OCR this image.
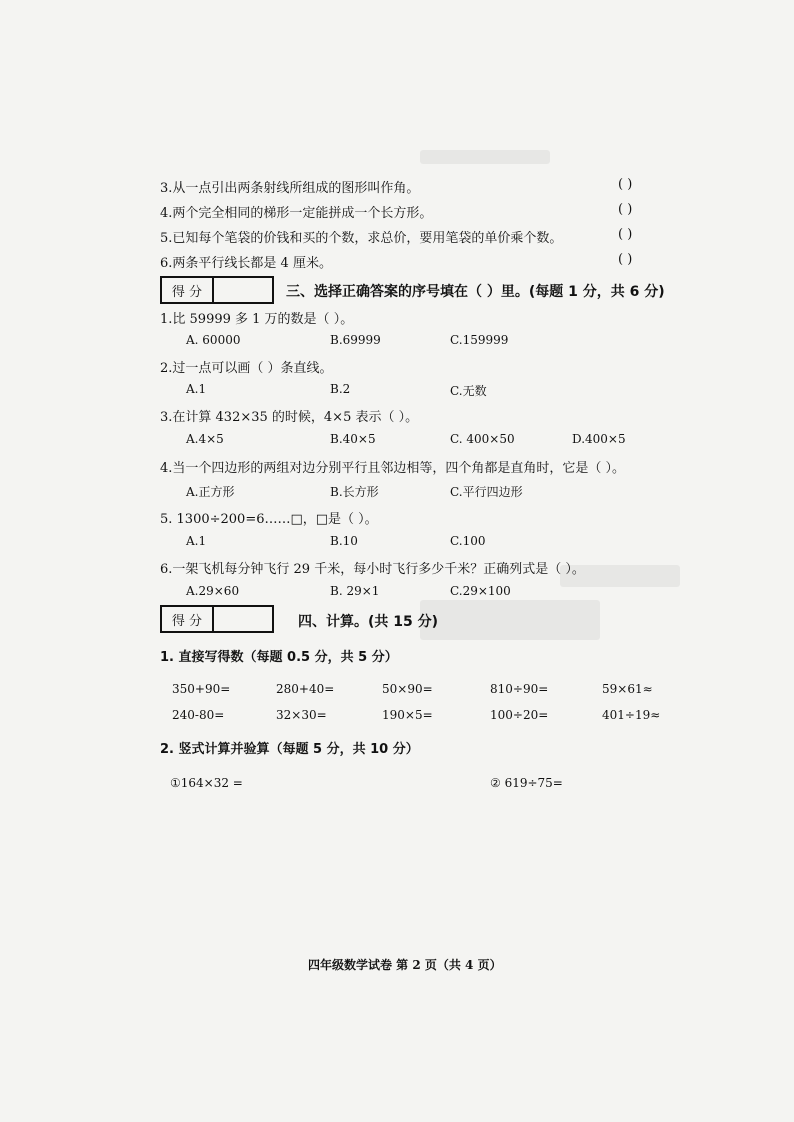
3.从一点引出两条射线所组成的图形叫作角。	( )
4.两个完全相同的梯形一定能拼成一个长方形。	( )
5.已知每个笔袋的价钱和买的个数，求总价，要用笔袋的单价乘个数。	( )
6.两条平行线长都是 4 厘米。	( )
得 分	三、选择正确答案的序号填在（ ）里。(每题 1 分，共 6 分)
1.比 59999 多 1 万的数是（ ）。
A. 60000	B.69999	C.159999
2.过一点可以画（ ）条直线。
A.1	B.2	C.无数
3.在计算 432×35 的时候，4×5 表示（ ）。
A.4×5	B.40×5	C. 400×50	D.400×5
4.当一个四边形的两组对边分别平行且邻边相等，四个角都是直角时，它是（ ）。
A.正方形	B.长方形	C.平行四边形
5. 1300÷200=6……□，□是（ ）。
A.1	B.10	C.100
6.一架飞机每分钟飞行 29 千米，每小时飞行多少千米？正确列式是（ ）。
A.29×60	B. 29×1	C.29×100
得 分	四、计算。(共 15 分)
1. 直接写得数（每题 0.5 分，共 5 分）
350+90=	280+40=	50×90=	810÷90=	59×61≈
240-80=	32×30=	190×5=	100÷20=	401÷19≈
2. 竖式计算并验算（每题 5 分，共 10 分）
①164×32 =	② 619÷75=
四年级数学试卷 第 2 页（共 4 页）
